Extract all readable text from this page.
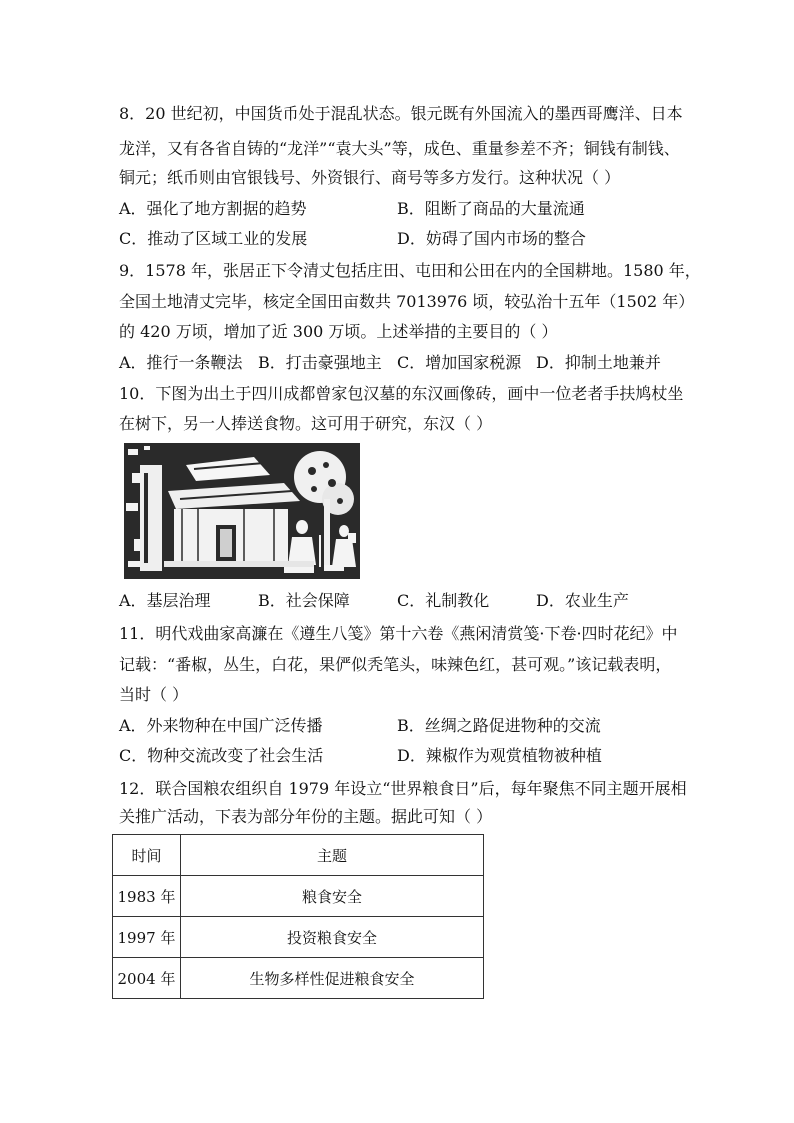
8．20 世纪初，中国货币处于混乱状态。银元既有外国流入的墨西哥鹰洋、日本
龙洋，又有各省自铸的“龙洋”“袁大头”等，成色、重量参差不齐；铜钱有制钱、
铜元；纸币则由官银钱号、外资银行、商号等多方发行。这种状况（ ）
A．强化了地方割据的趋势	B．阻断了商品的大量流通
C．推动了区域工业的发展	D．妨碍了国内市场的整合
9．1578 年，张居正下令清丈包括庄田、屯田和公田在内的全国耕地。1580 年，
全国土地清丈完毕，核定全国田亩数共 7013976 顷，较弘治十五年（1502 年）
的 420 万顷，增加了近 300 万顷。上述举措的主要目的（ ）
A．推行一条鞭法 B．打击豪强地主 C．增加国家税源 D．抑制土地兼并
10．下图为出土于四川成都曾家包汉墓的东汉画像砖，画中一位老者手扶鸠杖坐
在树下，另一人捧送食物。这可用于研究，东汉（ ）
A．基层治理	B．社会保障	C．礼制教化	D．农业生产
11．明代戏曲家高濂在《遵生八笺》第十六卷《燕闲清赏笺·下卷·四时花纪》中
记载：“番椒，丛生，白花，果俨似秃笔头，味辣色红，甚可观。”该记载表明，
当时（ ）
A．外来物种在中国广泛传播	B．丝绸之路促进物种的交流
C．物种交流改变了社会生活	D．辣椒作为观赏植物被种植
12．联合国粮农组织自 1979 年设立“世界粮食日”后，每年聚焦不同主题开展相
关推广活动，下表为部分年份的主题。据此可知（ ）
时间	主题
1983 年	粮食安全
1997 年	投资粮食安全
2004 年	生物多样性促进粮食安全
